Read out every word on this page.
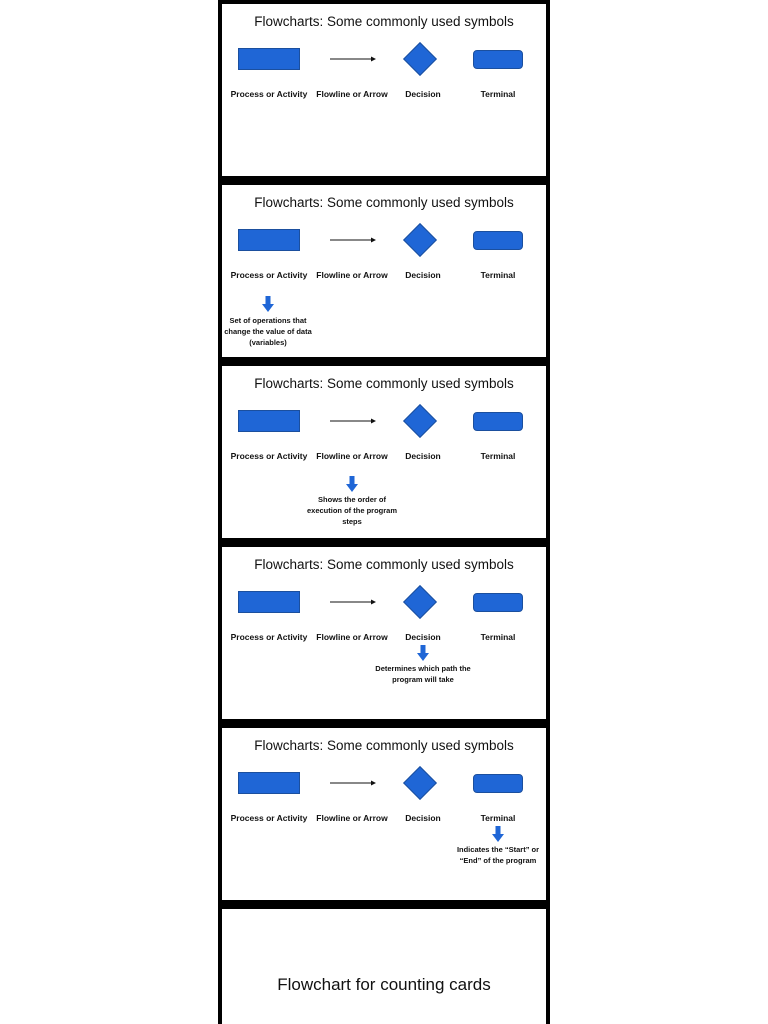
Flowcharts: Some commonly used symbols
Process or Activity	Flowline or Arrow	Decision	Terminal
Flowcharts: Some commonly used symbols
Process or Activity	Flowline or Arrow	Decision	Terminal
Set of operations that change the value of data (variables)
Flowcharts: Some commonly used symbols
Process or Activity	Flowline or Arrow	Decision	Terminal
Shows the order of execution of the program steps
Flowcharts: Some commonly used symbols
Process or Activity	Flowline or Arrow	Decision	Terminal
Determines which path the program will take
Flowcharts: Some commonly used symbols
Process or Activity	Flowline or Arrow	Decision	Terminal
Indicates the “Start” or “End” of the program
Flowchart for counting cards
